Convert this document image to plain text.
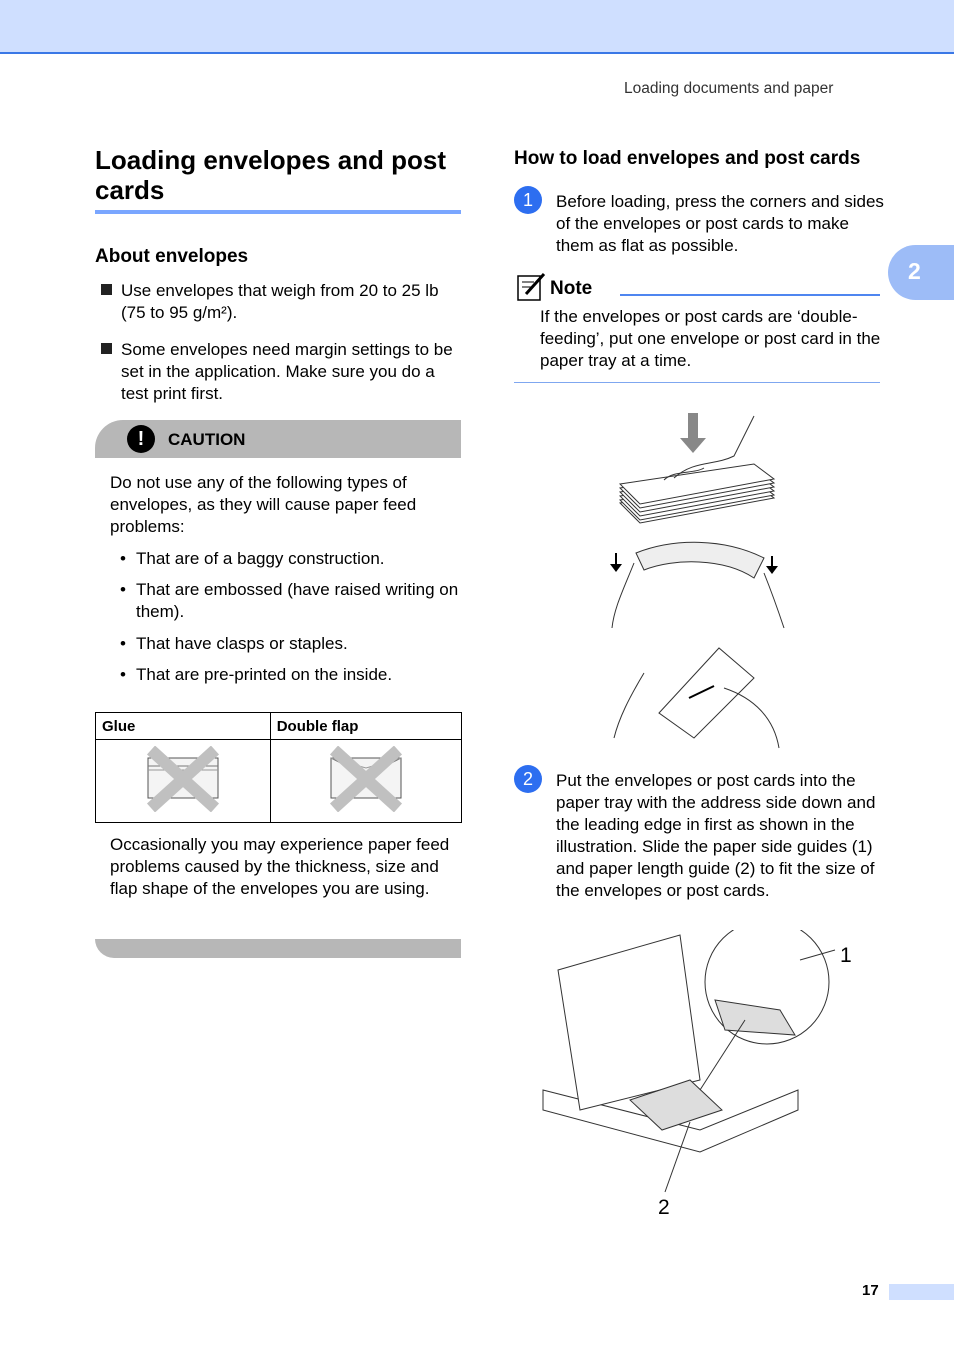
Loading documents and paper
2
Loading envelopes and post cards
About envelopes
Use envelopes that weigh from 20 to 25 lb (75 to 95 g/m²).
Some envelopes need margin settings to be set in the application. Make sure you do a test print first.
!	CAUTION
Do not use any of the following types of envelopes, as they will cause paper feed problems:
• That are of a baggy construction.
• That are embossed (have raised writing on them).
• That have clasps or staples.
• That are pre-printed on the inside.
Glue	Double flap

Occasionally you may experience paper feed problems caused by the thickness, size and flap shape of the envelopes you are using.
How to load envelopes and post cards
1	Before loading, press the corners and sides of the envelopes or post cards to make them as flat as possible.
Note
If the envelopes or post cards are ‘double-feeding’, put one envelope or post card in the paper tray at a time.
2	Put the envelopes or post cards into the paper tray with the address side down and the leading edge in first as shown in the illustration. Slide the paper side guides (1) and paper length guide (2) to fit the size of the envelopes or post cards.
1
2
17
